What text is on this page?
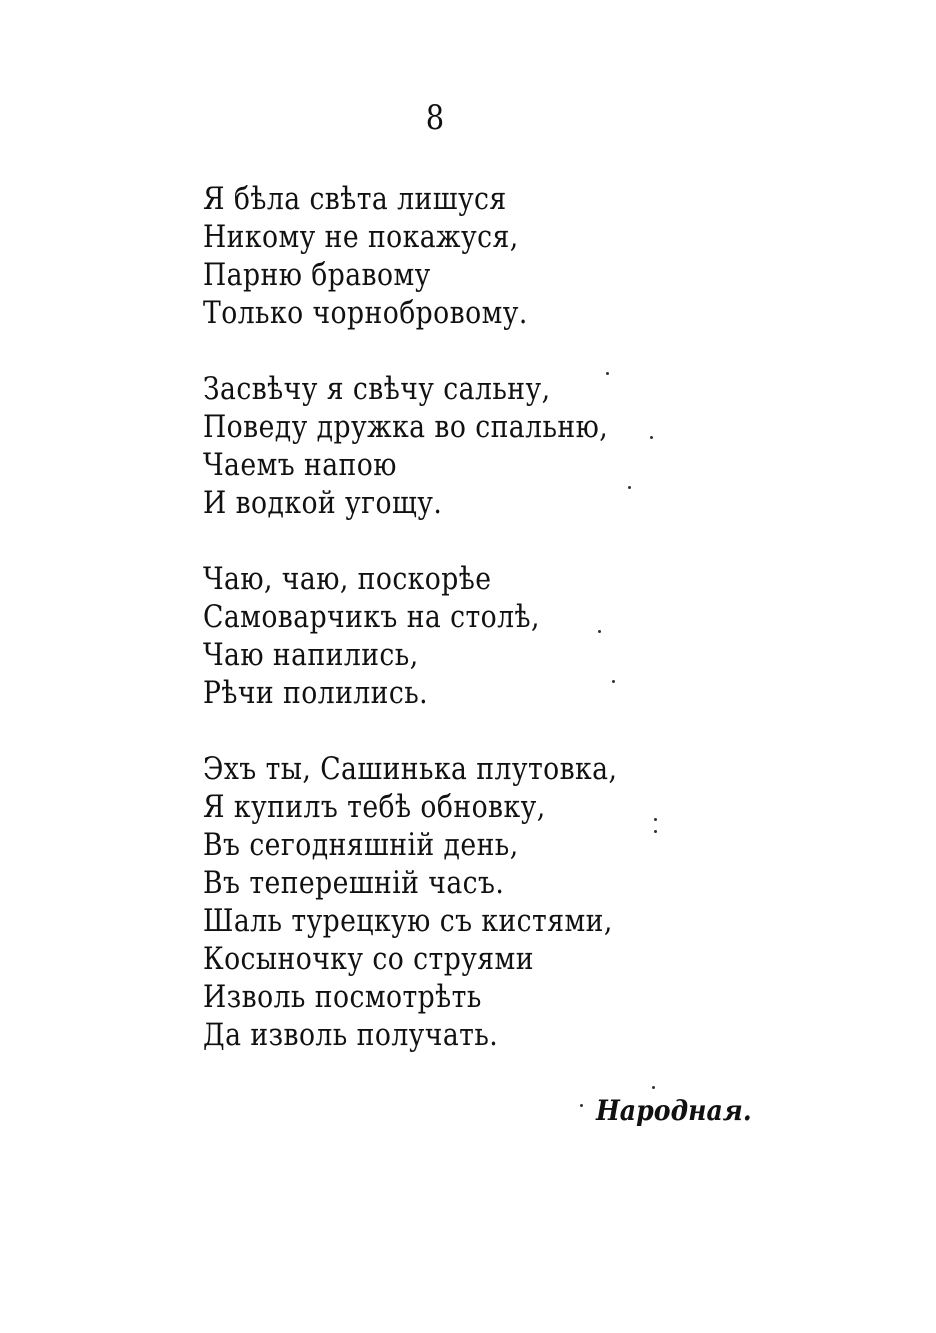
8
Я бѣла свѣта лишуся
Никому не покажуся,
Парню бравому
Только чорнобровому.
Засвѣчу я свѣчу сальну,
Поведу дружка во спальню,
Чаемъ напою
И водкой угощу.
Чаю, чаю, поскорѣе
Самоварчикъ на столѣ,
Чаю напились,
Рѣчи полились.
Эхъ ты, Сашинька плутовка,
Я купилъ тебѣ обновку,
Въ сегодняшній день,
Въ теперешній часъ.
Шаль турецкую съ кистями,
Косыночку со струями
Изволь посмотрѣть
Да изволь получать.
Народная.
